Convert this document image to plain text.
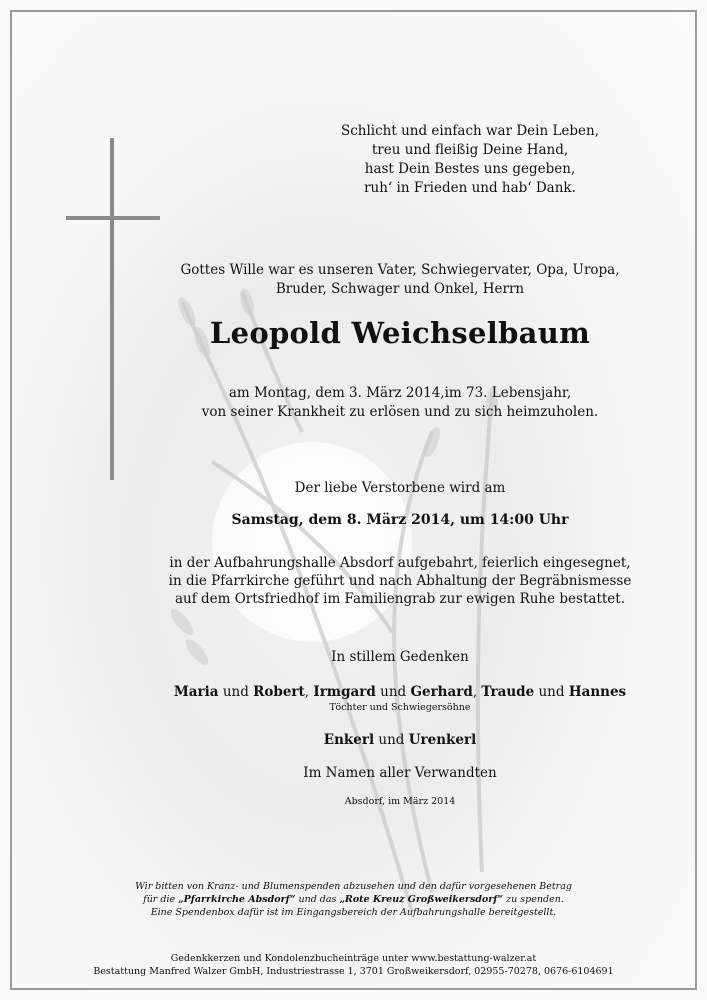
Schlicht und einfach war Dein Leben,
treu und fleißig Deine Hand,
hast Dein Bestes uns gegeben,
ruh‘ in Frieden und hab‘ Dank.
Gottes Wille war es unseren Vater, Schwiegervater, Opa, Uropa,
Bruder, Schwager und Onkel, Herrn
Leopold Weichselbaum
am Montag, dem 3. März 2014,im 73. Lebensjahr,
von seiner Krankheit zu erlösen und zu sich heimzuholen.
Der liebe Verstorbene wird am
Samstag, dem 8. März 2014, um 14:00 Uhr
in der Aufbahrungshalle Absdorf aufgebahrt, feierlich eingesegnet,
in die Pfarrkirche geführt und nach Abhaltung der Begräbnismesse
auf dem Ortsfriedhof im Familiengrab zur ewigen Ruhe bestattet.
In stillem Gedenken
Maria und Robert, Irmgard und Gerhard, Traude und Hannes
Töchter und Schwiegersöhne
Enkerl und Urenkerl
Im Namen aller Verwandten
Absdorf, im März 2014
Wir bitten von Kranz- und Blumenspenden abzusehen und den dafür vorgesehenen Betrag
für die „Pfarrkirche Absdorf“ und das „Rote Kreuz Großweikersdorf“ zu spenden.
Eine Spendenbox dafür ist im Eingangsbereich der Aufbahrungshalle bereitgestellt.
Gedenkkerzen und Kondolenzbucheinträge unter www.bestattung-walzer.at
Bestattung Manfred Walzer GmbH, Industriestrasse 1, 3701 Großweikersdorf, 02955-70278, 0676-6104691
